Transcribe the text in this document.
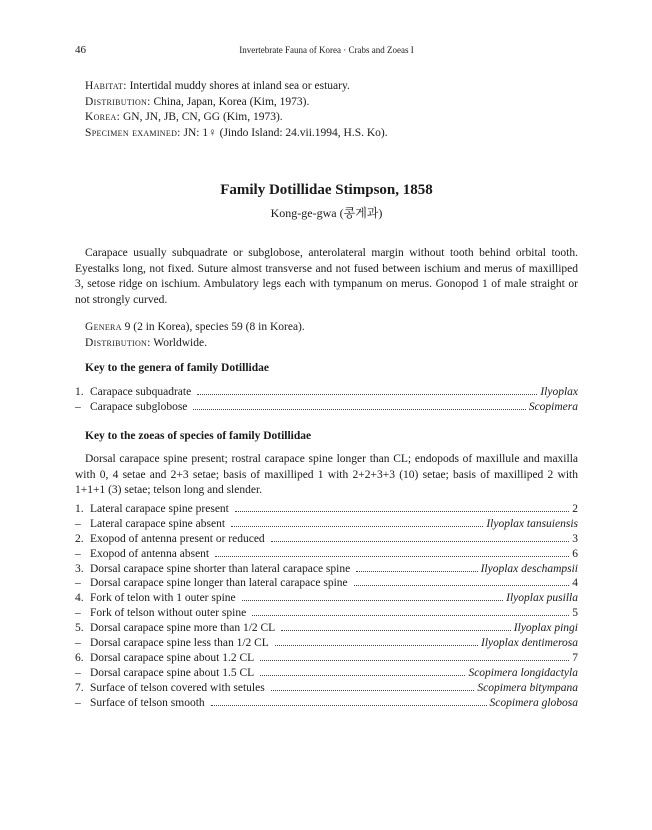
46	Invertebrate Fauna of Korea · Crabs and Zoeas I
Habitat: Intertidal muddy shores at inland sea or estuary.
Distribution: China, Japan, Korea (Kim, 1973).
Korea: GN, JN, JB, CN, GG (Kim, 1973).
Specimen examined: JN: 1♀ (Jindo Island: 24.vii.1994, H.S. Ko).
Family Dotillidae Stimpson, 1858
Kong-ge-gwa (콩게과)
Carapace usually subquadrate or subglobose, anterolateral margin without tooth behind orbital tooth. Eyestalks long, not fixed. Suture almost transverse and not fused between ischium and merus of maxilliped 3, setose ridge on ischium. Ambulatory legs each with tympanum on merus. Gonopod 1 of male straight or not strongly curved.
Genera 9 (2 in Korea), species 59 (8 in Korea).
Distribution: Worldwide.
Key to the genera of family Dotillidae
1. Carapace subquadrate	Ilyoplax
– Carapace subglobose	Scopimera
Key to the zoeas of species of family Dotillidae
Dorsal carapace spine present; rostral carapace spine longer than CL; endopods of maxillule and maxilla with 0, 4 setae and 2+3 setae; basis of maxilliped 1 with 2+2+3+3 (10) setae; basis of maxilliped 2 with 1+1+1 (3) setae; telson long and slender.
1. Lateral carapace spine present	2
– Lateral carapace spine absent	Ilyoplax tansuiensis
2. Exopod of antenna present or reduced	3
– Exopod of antenna absent	6
3. Dorsal carapace spine shorter than lateral carapace spine	Ilyoplax deschampsii
– Dorsal carapace spine longer than lateral carapace spine	4
4. Fork of telon with 1 outer spine	Ilyoplax pusilla
– Fork of telson without outer spine	5
5. Dorsal carapace spine more than 1/2 CL	Ilyoplax pingi
– Dorsal carapace spine less than 1/2 CL	Ilyoplax dentimerosa
6. Dorsal carapace spine about 1.2 CL	7
– Dorsal carapace spine about 1.5 CL	Scopimera longidactyla
7. Surface of telson covered with setules	Scopimera bitympana
– Surface of telson smooth	Scopimera globosa
